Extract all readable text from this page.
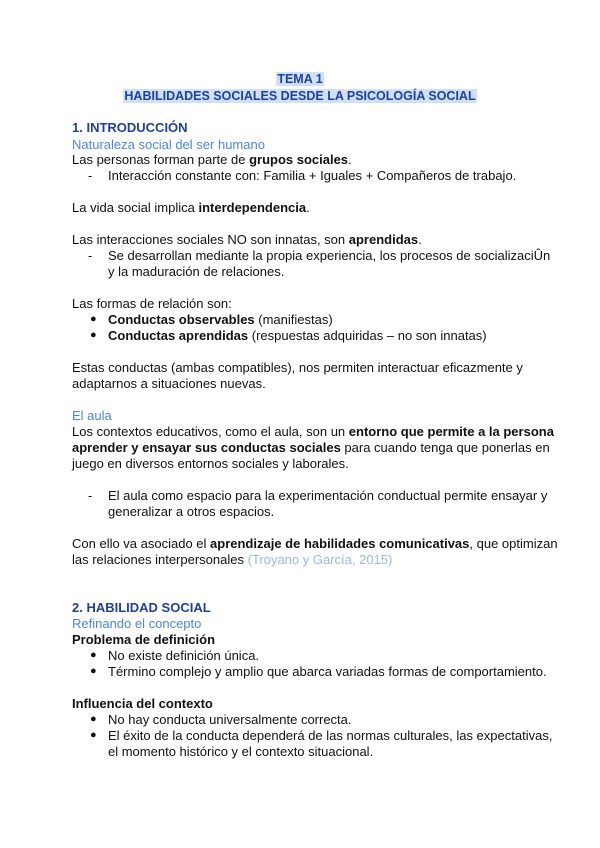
TEMA 1
HABILIDADES SOCIALES DESDE LA PSICOLOGÍA SOCIAL
1. INTRODUCCIÓN
Naturaleza social del ser humano
Las personas forman parte de grupos sociales.
- Interacción constante con: Familia + Iguales + Compañeros de trabajo.
La vida social implica interdependencia.
Las interacciones sociales NO son innatas, son aprendidas.
- Se desarrollan mediante la propia experiencia, los procesos de socializaciÛn
y la maduración de relaciones.
Las formas de relación son:
● Conductas observables (manifiestas)
● Conductas aprendidas (respuestas adquiridas – no son innatas)
Estas conductas (ambas compatibles), nos permiten interactuar eficazmente y
adaptarnos a situaciones nuevas.
El aula
Los contextos educativos, como el aula, son un entorno que permite a la persona
aprender y ensayar sus conductas sociales para cuando tenga que ponerlas en
juego en diversos entornos sociales y laborales.
- El aula como espacio para la experimentación conductual permite ensayar y
generalizar a otros espacios.
Con ello va asociado el aprendizaje de habilidades comunicativas, que optimizan
las relaciones interpersonales (Troyano y García, 2015)
2. HABILIDAD SOCIAL
Refinando el concepto
Problema de definición
● No existe definición única.
● Término complejo y amplio que abarca variadas formas de comportamiento.
Influencia del contexto
● No hay conducta universalmente correcta.
● El éxito de la conducta dependerá de las normas culturales, las expectativas,
el momento histórico y el contexto situacional.
